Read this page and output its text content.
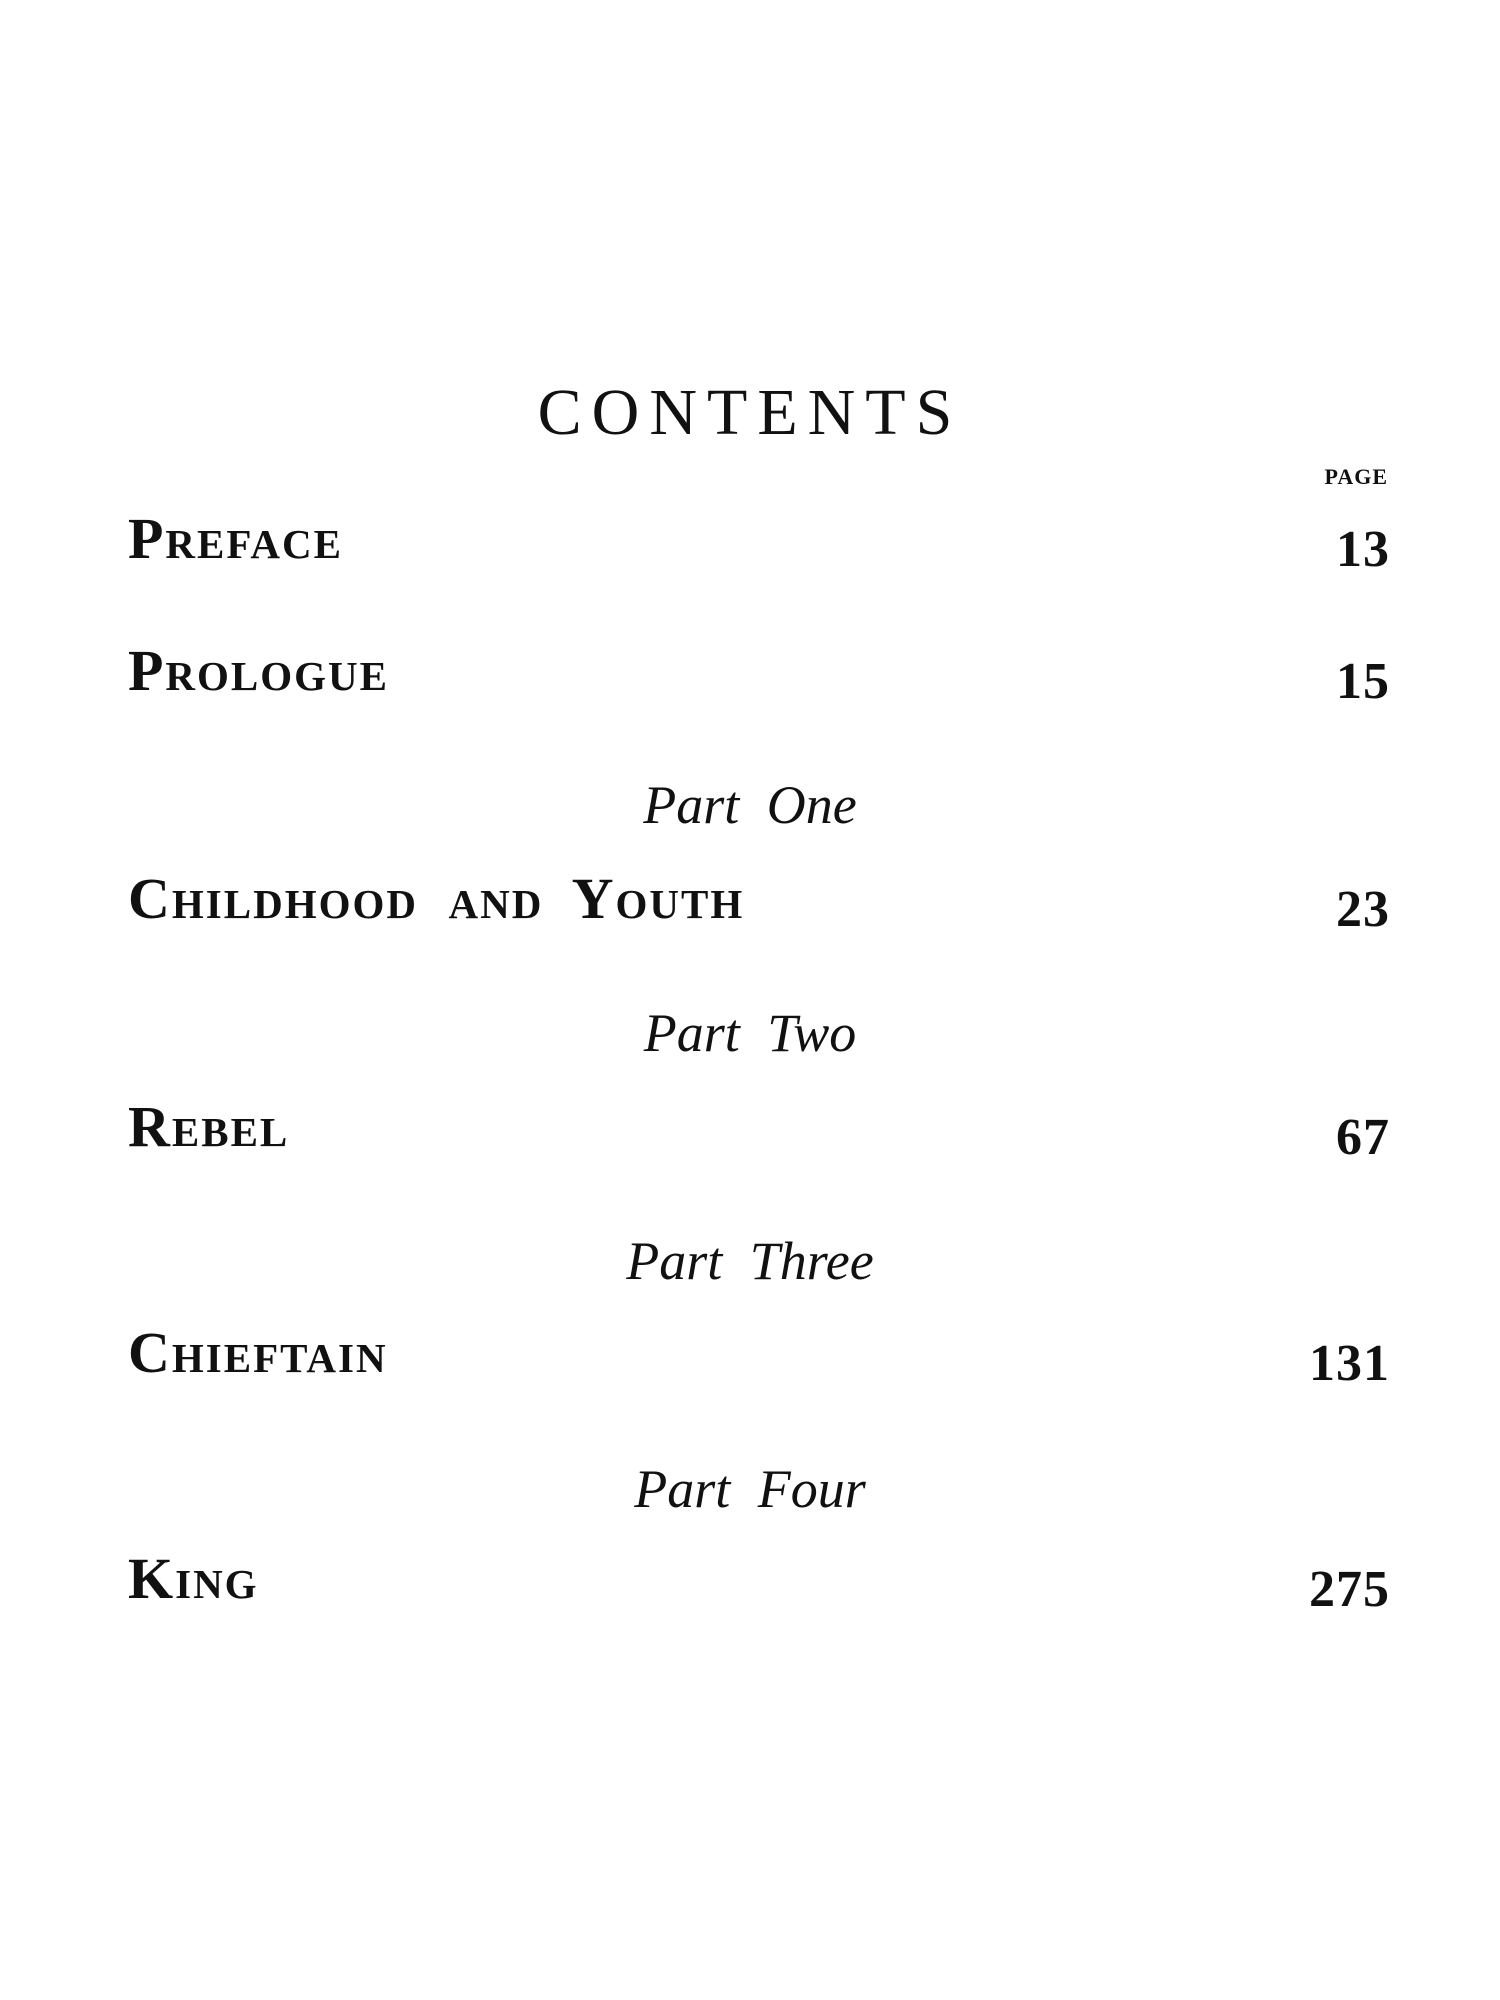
CONTENTS
PAGE
Preface	13
Prologue	15
Part One
Childhood and Youth	23
Part Two
Rebel	67
Part Three
Chieftain	131
Part Four
King	275
